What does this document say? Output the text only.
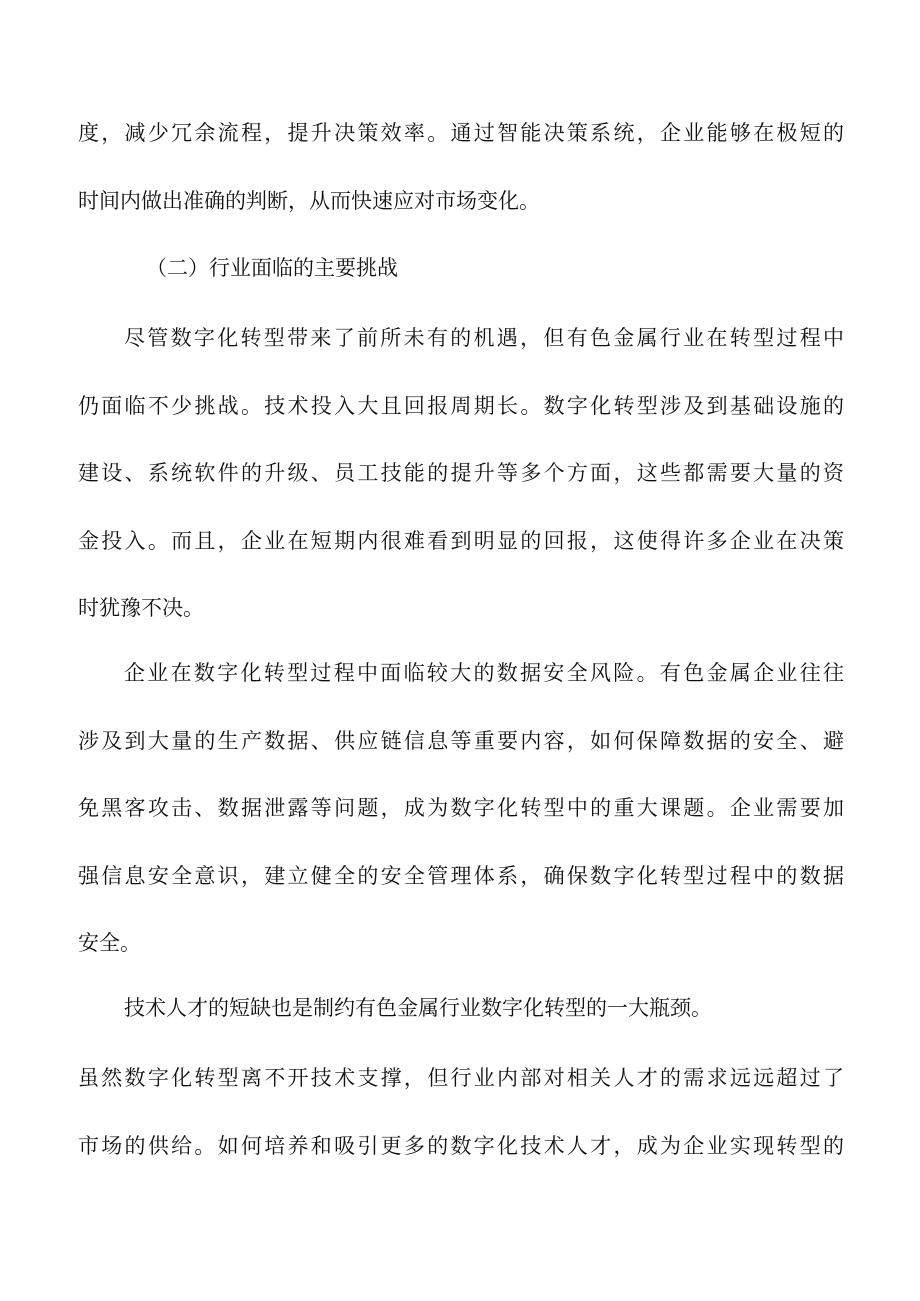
度，减少冗余流程，提升决策效率。通过智能决策系统，企业能够在极短的
时间内做出准确的判断，从而快速应对市场变化。
（二）行业面临的主要挑战
尽管数字化转型带来了前所未有的机遇，但有色金属行业在转型过程中
仍面临不少挑战。技术投入大且回报周期长。数字化转型涉及到基础设施的
建设、系统软件的升级、员工技能的提升等多个方面，这些都需要大量的资
金投入。而且，企业在短期内很难看到明显的回报，这使得许多企业在决策
时犹豫不决。
企业在数字化转型过程中面临较大的数据安全风险。有色金属企业往往
涉及到大量的生产数据、供应链信息等重要内容，如何保障数据的安全、避
免黑客攻击、数据泄露等问题，成为数字化转型中的重大课题。企业需要加
强信息安全意识，建立健全的安全管理体系，确保数字化转型过程中的数据
安全。
技术人才的短缺也是制约有色金属行业数字化转型的一大瓶颈。
虽然数字化转型离不开技术支撑，但行业内部对相关人才的需求远远超过了
市场的供给。如何培养和吸引更多的数字化技术人才，成为企业实现转型的
